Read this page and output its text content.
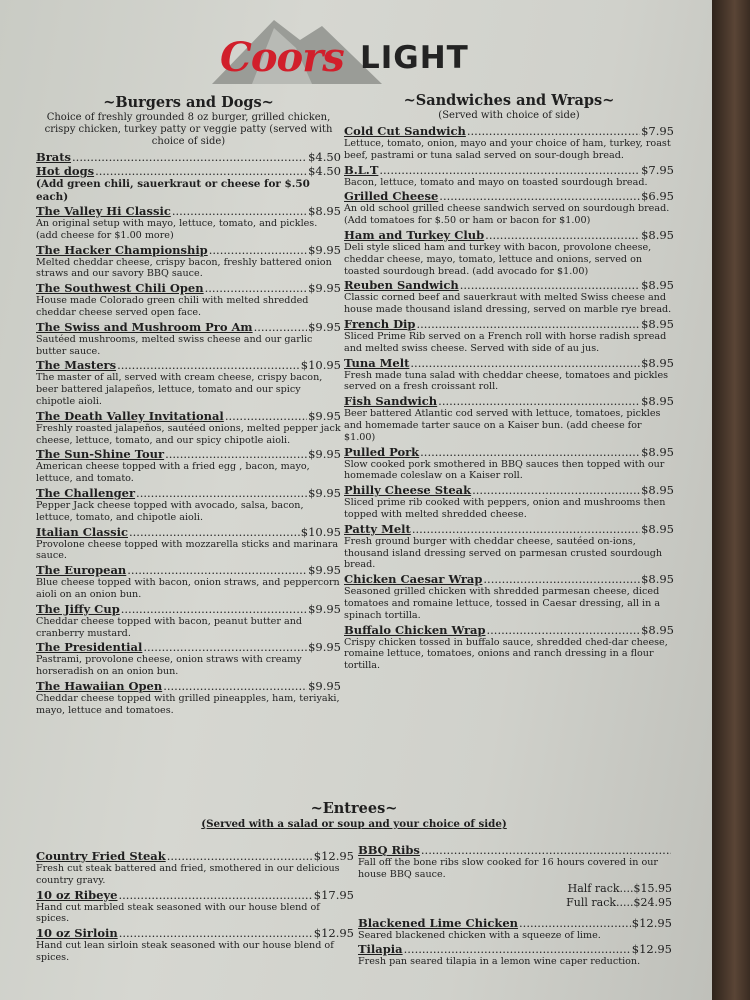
Coors LIGHT
~Burgers and Dogs~
Choice of freshly grounded 8 oz burger, grilled chicken, crispy chicken, turkey patty or veggie patty (served with choice of side)
Brats .....	$4.50
Hot dogs .....	$4.50
(Add green chili, sauerkraut or cheese for $.50 each)
The Valley Hi Classic .....	$8.95
An original setup with mayo, lettuce, tomato, and pickles. (add cheese for $1.00 more)
The Hacker Championship .....	$9.95
Melted cheddar cheese, crispy bacon, freshly battered onion straws and our savory BBQ sauce.
The Southwest Chili Open .....	$9.95
House made Colorado green chili with melted shredded cheddar cheese served open face.
The Swiss and Mushroom Pro Am .....	$9.95
Sautéed mushrooms, melted swiss cheese and our garlic butter sauce.
The Masters .....	$10.95
The master of all, served with cream cheese, crispy bacon, beer battered jalapeños, lettuce, tomato and our spicy chipotle aioli.
The Death Valley Invitational .....	$9.95
Freshly roasted jalapeños, sautéed onions, melted pepper jack cheese, lettuce, tomato, and our spicy chipotle aioli.
The Sun-Shine Tour .....	$9.95
American cheese topped with a fried egg , bacon, mayo, lettuce, and tomato.
The Challenger .....	$9.95
Pepper Jack cheese topped with avocado, salsa, bacon, lettuce, tomato, and chipotle aioli.
Italian Classic .....	$10.95
Provolone cheese topped with mozzarella sticks and marinara sauce.
The European .....	$9.95
Blue cheese topped with bacon, onion straws, and peppercorn aioli on an onion bun.
The Jiffy Cup .....	$9.95
Cheddar cheese topped with bacon, peanut butter and cranberry mustard.
The Presidential .....	$9.95
Pastrami, provolone cheese, onion straws with creamy horseradish on an onion bun.
The Hawaiian Open .....	$9.95
Cheddar cheese topped with grilled pineapples, ham, teriyaki, mayo, lettuce and tomatoes.
~Sandwiches and Wraps~
(Served with choice of side)
Cold Cut Sandwich .....	$7.95
Lettuce, tomato, onion, mayo and your choice of ham, turkey, roast beef, pastrami or tuna salad served on sour-dough bread.
B.L.T .....	$7.95
Bacon, lettuce, tomato and mayo on toasted sourdough bread.
Grilled Cheese .....	$6.95
An old school grilled cheese sandwich served on sourdough bread. (Add tomatoes for $.50 or ham or bacon for $1.00)
Ham and Turkey Club .....	$8.95
Deli style sliced ham and turkey with bacon, provolone cheese, cheddar cheese, mayo, tomato, lettuce and onions, served on toasted sourdough bread. (add avocado for $1.00)
Reuben Sandwich .....	$8.95
Classic corned beef and sauerkraut with melted Swiss cheese and house made thousand island dressing, served on marble rye bread.
French Dip .....	$8.95
Sliced Prime Rib served on a French roll with horse radish spread and melted swiss cheese. Served with side of au jus.
Tuna Melt .....	$8.95
Fresh made tuna salad with cheddar cheese, tomatoes and pickles served on a fresh croissant roll.
Fish Sandwich .....	$8.95
Beer battered Atlantic cod served with lettuce, tomatoes, pickles and homemade tarter sauce on a Kaiser bun. (add cheese for $1.00)
Pulled Pork .....	$8.95
Slow cooked pork smothered in BBQ sauces then topped with our homemade coleslaw on a Kaiser roll.
Philly Cheese Steak .....	$8.95
Sliced prime rib cooked with peppers, onion and mushrooms then topped with melted shredded cheese.
Patty Melt .....	$8.95
Fresh ground burger with cheddar cheese, sautéed on-ions, thousand island dressing served on parmesan crusted sourdough bread.
Chicken Caesar Wrap .....	$8.95
Seasoned grilled chicken with shredded parmesan cheese, diced tomatoes and romaine lettuce, tossed in Caesar dressing, all in a spinach tortilla.
Buffalo Chicken Wrap .....	$8.95
Crispy chicken tossed in buffalo sauce, shredded ched-dar cheese, romaine lettuce, tomatoes, onions and ranch dressing in a flour tortilla.
~Entrees~
(Served with a salad or soup and your choice of side)
Country Fried Steak .....	$12.95
Fresh cut steak battered and fried, smothered in our delicious country gravy.
10 oz Ribeye .....	$17.95
Hand cut marbled steak seasoned with our house blend of spices.
10 oz Sirloin .....	$12.95
Hand cut lean sirloin steak seasoned with our house blend of spices.
BBQ Ribs
.....
Fall off the bone ribs slow cooked for 16 hours covered in our house BBQ sauce.
Half rack....$15.95
Full rack.....$24.95
Blackened Lime Chicken .....	$12.95
Seared blackened chicken with a squeeze of lime.
Tilapia .....	$12.95
Fresh pan seared tilapia in a lemon wine caper reduction.
